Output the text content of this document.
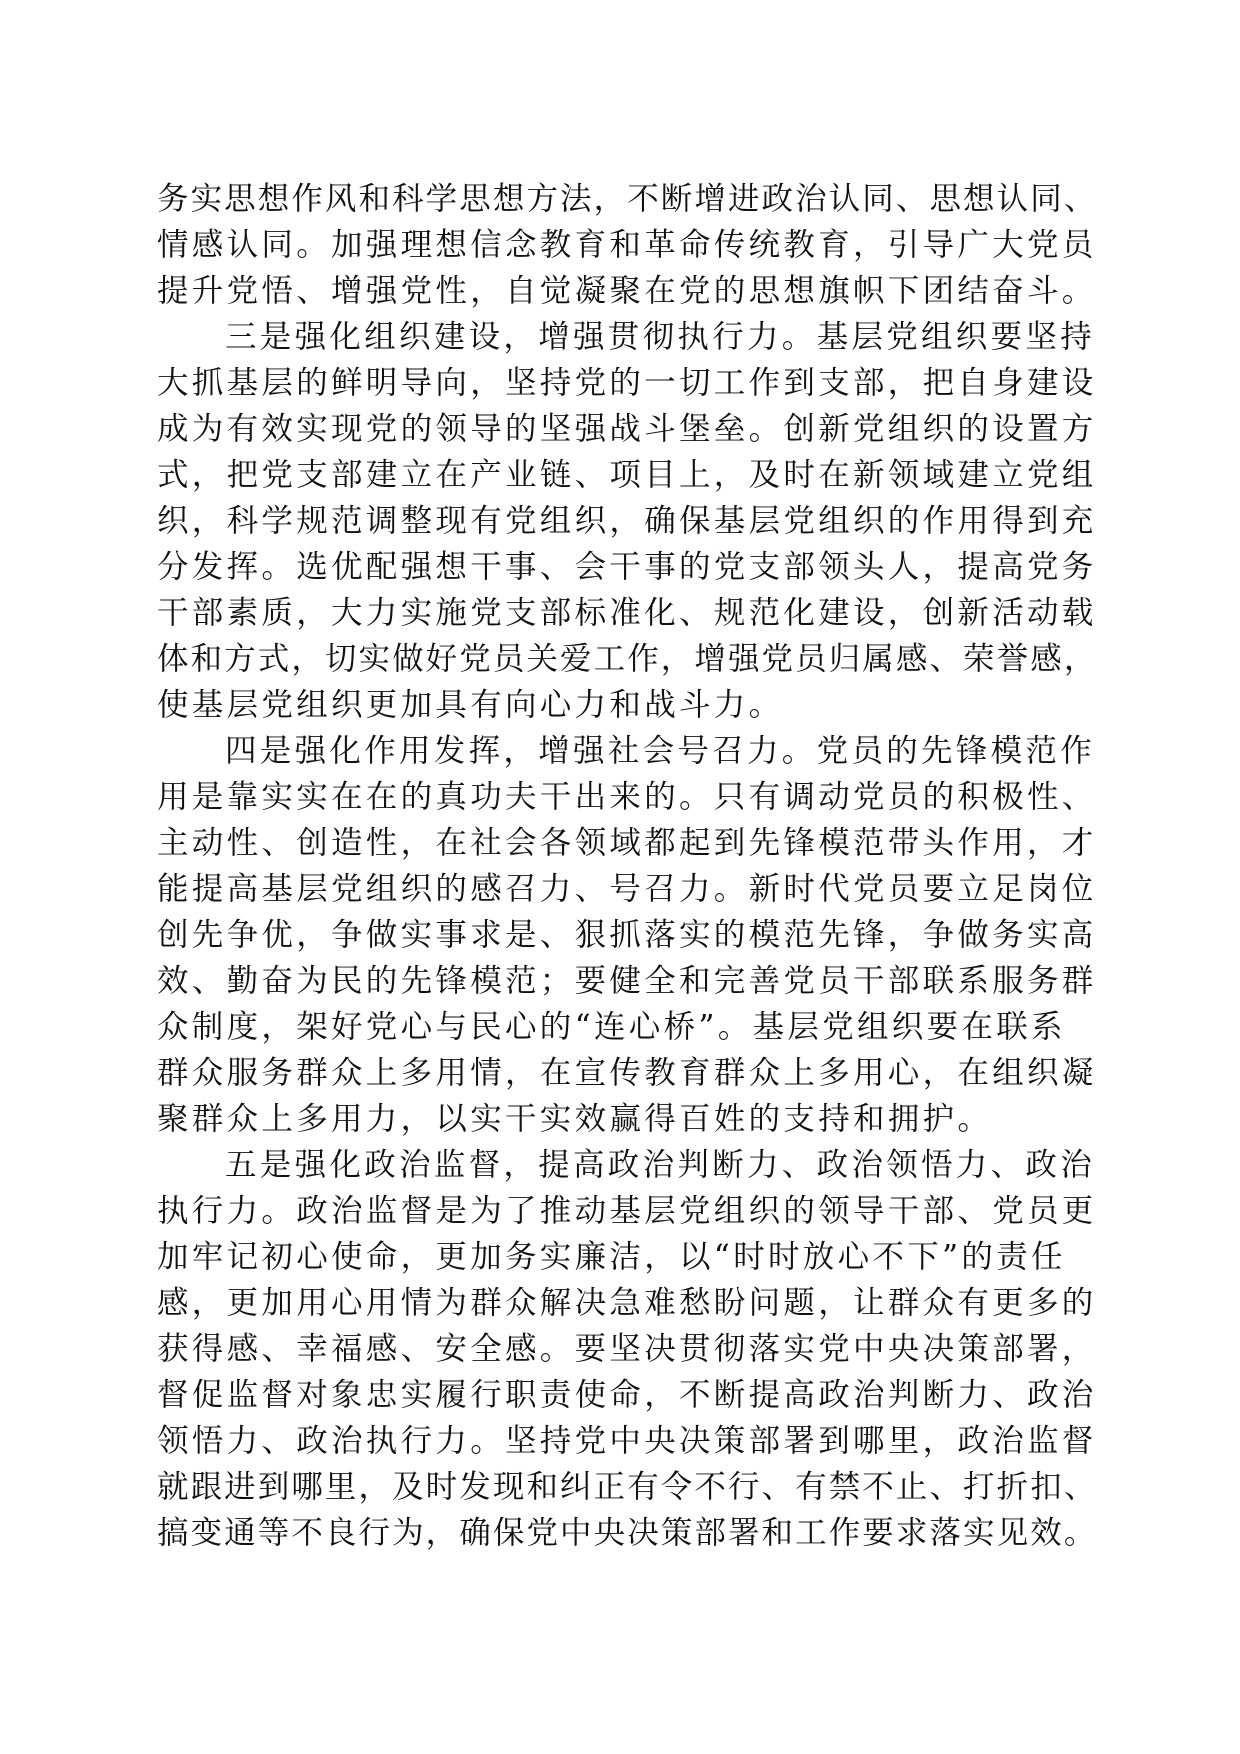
务实思想作风和科学思想方法，不断增进政治认同、思想认同、
情感认同。加强理想信念教育和革命传统教育，引导广大党员
提升党悟、增强党性，自觉凝聚在党的思想旗帜下团结奋斗。
三是强化组织建设，增强贯彻执行力。基层党组织要坚持
大抓基层的鲜明导向，坚持党的一切工作到支部，把自身建设
成为有效实现党的领导的坚强战斗堡垒。创新党组织的设置方
式，把党支部建立在产业链、项目上，及时在新领域建立党组
织，科学规范调整现有党组织，确保基层党组织的作用得到充
分发挥。选优配强想干事、会干事的党支部领头人，提高党务
干部素质，大力实施党支部标准化、规范化建设，创新活动载
体和方式，切实做好党员关爱工作，增强党员归属感、荣誉感，
使基层党组织更加具有向心力和战斗力。
四是强化作用发挥，增强社会号召力。党员的先锋模范作
用是靠实实在在的真功夫干出来的。只有调动党员的积极性、
主动性、创造性，在社会各领域都起到先锋模范带头作用，才
能提高基层党组织的感召力、号召力。新时代党员要立足岗位
创先争优，争做实事求是、狠抓落实的模范先锋，争做务实高
效、勤奋为民的先锋模范；要健全和完善党员干部联系服务群
众制度，架好党心与民心的“连心桥”。基层党组织要在联系
群众服务群众上多用情，在宣传教育群众上多用心，在组织凝
聚群众上多用力，以实干实效赢得百姓的支持和拥护。
五是强化政治监督，提高政治判断力、政治领悟力、政治
执行力。政治监督是为了推动基层党组织的领导干部、党员更
加牢记初心使命，更加务实廉洁，以“时时放心不下”的责任
感，更加用心用情为群众解决急难愁盼问题，让群众有更多的
获得感、幸福感、安全感。要坚决贯彻落实党中央决策部署，
督促监督对象忠实履行职责使命，不断提高政治判断力、政治
领悟力、政治执行力。坚持党中央决策部署到哪里，政治监督
就跟进到哪里，及时发现和纠正有令不行、有禁不止、打折扣、
搞变通等不良行为，确保党中央决策部署和工作要求落实见效。
